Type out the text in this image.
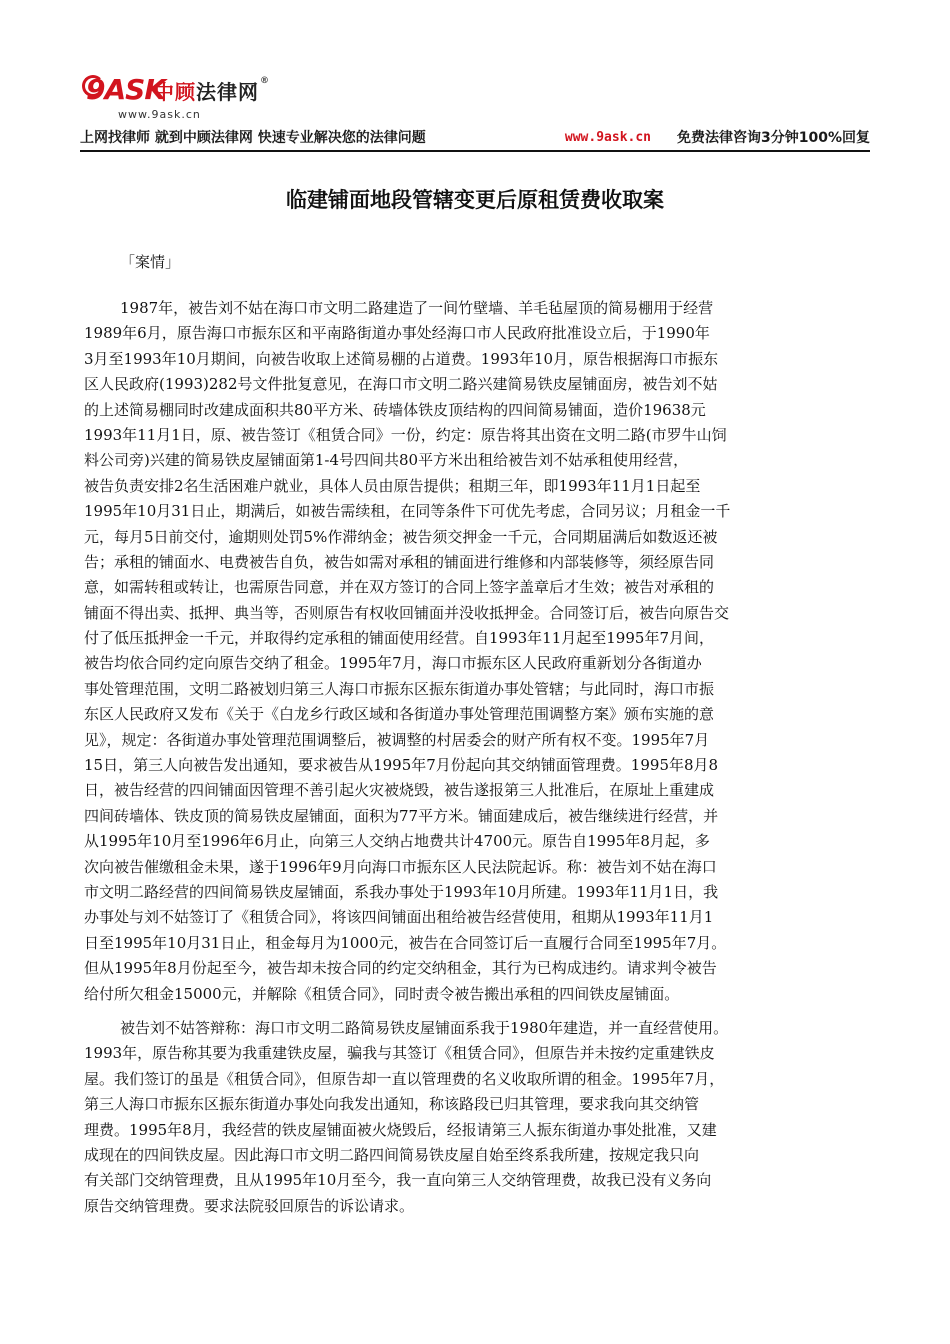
9ASK
中顾法律网®
www.9ask.cn
上网找律师 就到中顾法律网 快速专业解决您的法律问题	www.9ask.cn 免费法律咨询3分钟100%回复
临建铺面地段管辖变更后原租赁费收取案
「案情」
1987年，被告刘不姑在海口市文明二路建造了一间竹壁墙、羊毛毡屋顶的简易棚用于经营
1989年6月，原告海口市振东区和平南路街道办事处经海口市人民政府批准设立后，于1990年
3月至1993年10月期间，向被告收取上述简易棚的占道费。1993年10月，原告根据海口市振东
区人民政府(1993)282号文件批复意见，在海口市文明二路兴建简易铁皮屋铺面房，被告刘不姑
的上述简易棚同时改建成面积共80平方米、砖墙体铁皮顶结构的四间简易铺面，造价19638元
1993年11月1日，原、被告签订《租赁合同》一份，约定：原告将其出资在文明二路(市罗牛山饲
料公司旁)兴建的简易铁皮屋铺面第1-4号四间共80平方米出租给被告刘不姑承租使用经营，
被告负责安排2名生活困难户就业，具体人员由原告提供；租期三年，即1993年11月1日起至
1995年10月31日止，期满后，如被告需续租，在同等条件下可优先考虑，合同另议；月租金一千
元，每月5日前交付，逾期则处罚5%作滞纳金；被告须交押金一千元，合同期届满后如数返还被
告；承租的铺面水、电费被告自负，被告如需对承租的铺面进行维修和内部装修等，须经原告同
意，如需转租或转让，也需原告同意，并在双方签订的合同上签字盖章后才生效；被告对承租的
铺面不得出卖、抵押、典当等，否则原告有权收回铺面并没收抵押金。合同签订后，被告向原告交
付了低压抵押金一千元，并取得约定承租的铺面使用经营。自1993年11月起至1995年7月间，
被告均依合同约定向原告交纳了租金。1995年7月，海口市振东区人民政府重新划分各街道办
事处管理范围，文明二路被划归第三人海口市振东区振东街道办事处管辖；与此同时，海口市振
东区人民政府又发布《关于《白龙乡行政区域和各街道办事处管理范围调整方案》颁布实施的意
见》，规定：各街道办事处管理范围调整后，被调整的村居委会的财产所有权不变。1995年7月
15日，第三人向被告发出通知，要求被告从1995年7月份起向其交纳铺面管理费。1995年8月8
日，被告经营的四间铺面因管理不善引起火灾被烧毁，被告遂报第三人批准后，在原址上重建成
四间砖墙体、铁皮顶的简易铁皮屋铺面，面积为77平方米。铺面建成后，被告继续进行经营，并
从1995年10月至1996年6月止，向第三人交纳占地费共计4700元。原告自1995年8月起，多
次向被告催缴租金未果，遂于1996年9月向海口市振东区人民法院起诉。称：被告刘不姑在海口
市文明二路经营的四间简易铁皮屋铺面，系我办事处于1993年10月所建。1993年11月1日，我
办事处与刘不姑签订了《租赁合同》，将该四间铺面出租给被告经营使用，租期从1993年11月1
日至1995年10月31日止，租金每月为1000元，被告在合同签订后一直履行合同至1995年7月。
但从1995年8月份起至今，被告却未按合同的约定交纳租金，其行为已构成违约。请求判令被告
给付所欠租金15000元，并解除《租赁合同》，同时责令被告搬出承租的四间铁皮屋铺面。
被告刘不姑答辩称：海口市文明二路简易铁皮屋铺面系我于1980年建造，并一直经营使用。
1993年，原告称其要为我重建铁皮屋，骗我与其签订《租赁合同》，但原告并未按约定重建铁皮
屋。我们签订的虽是《租赁合同》，但原告却一直以管理费的名义收取所谓的租金。1995年7月，
第三人海口市振东区振东街道办事处向我发出通知，称该路段已归其管理，要求我向其交纳管
理费。1995年8月，我经营的铁皮屋铺面被火烧毁后，经报请第三人振东街道办事处批准，又建
成现在的四间铁皮屋。因此海口市文明二路四间简易铁皮屋自始至终系我所建，按规定我只向
有关部门交纳管理费，且从1995年10月至今，我一直向第三人交纳管理费，故我已没有义务向
原告交纳管理费。要求法院驳回原告的诉讼请求。
